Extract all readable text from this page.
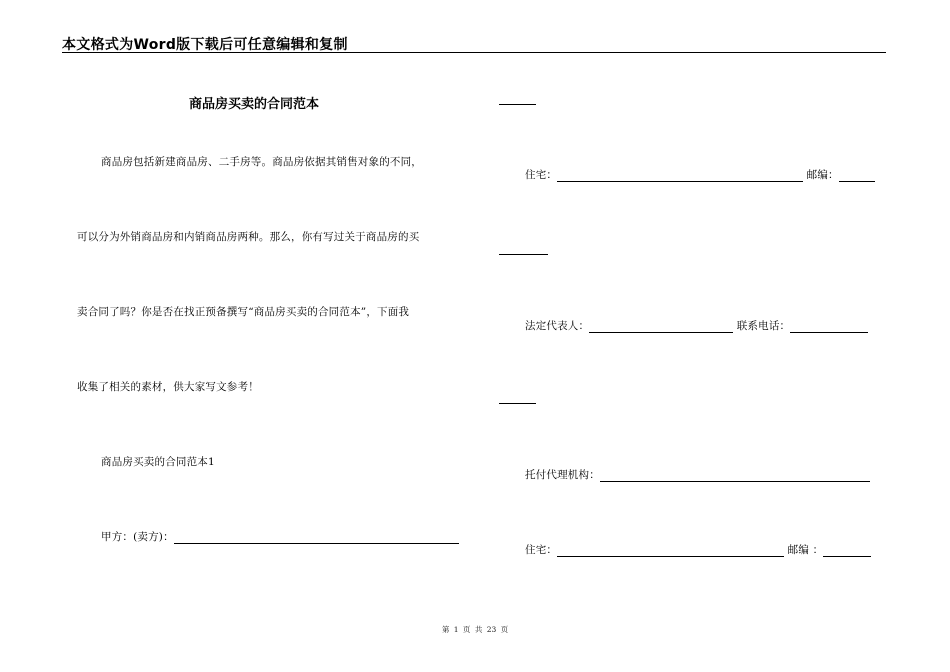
本文格式为Word版下载后可任意编辑和复制
商品房买卖的合同范本
商品房包括新建商品房、二手房等。商品房依据其销售对象的不同，
可以分为外销商品房和内销商品房两种。那么，你有写过关于商品房的买
卖合同了吗？你是否在找正预备撰写“商品房买卖的合同范本”，下面我
收集了相关的素材，供大家写文参考！
商品房买卖的合同范本1
甲方：(卖方)：
住宅：	邮编：
法定代表人：	联系电话：
托付代理机构：
住宅：	邮编 ：
第 1 页 共 23 页
